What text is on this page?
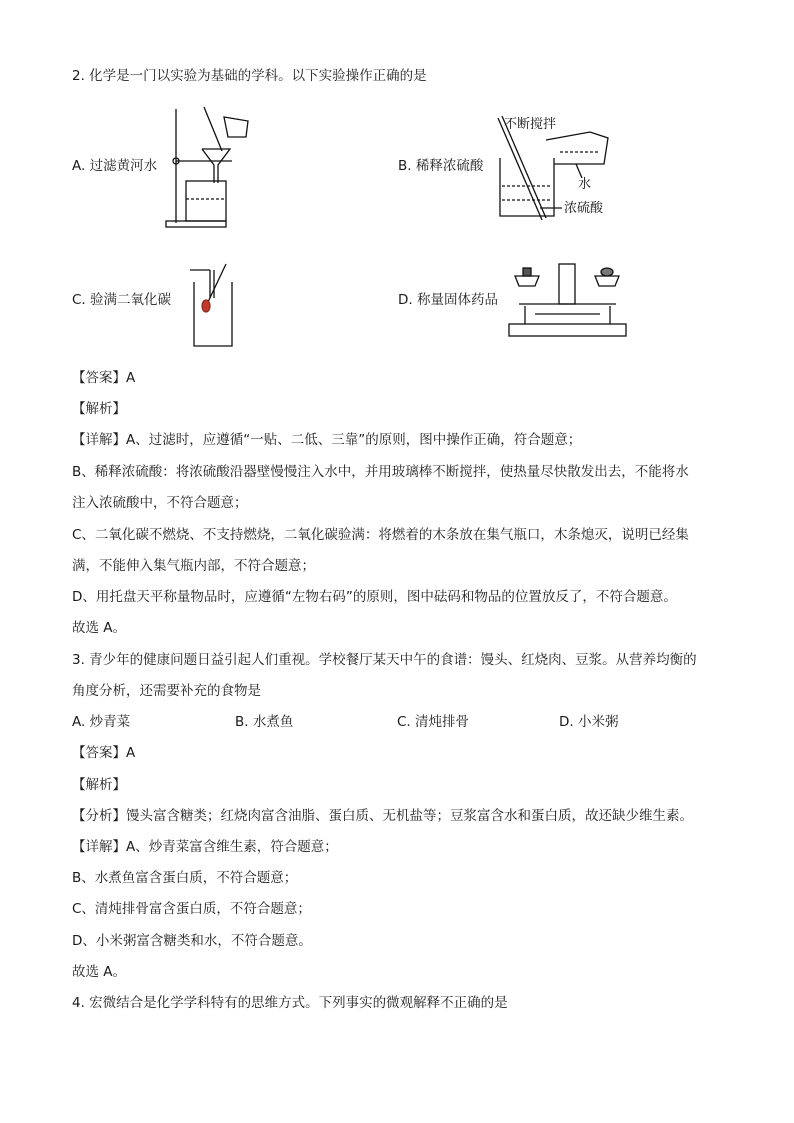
2. 化学是一门以实验为基础的学科。以下实验操作正确的是
A. 过滤黄河水
不断搅拌
水
浓硫酸
B. 稀释浓硫酸
C. 验满二氧化碳	D. 称量固体药品
【答案】A
【解析】
【详解】A、过滤时，应遵循“一贴、二低、三靠”的原则，图中操作正确，符合题意；
B、稀释浓硫酸：将浓硫酸沿器壁慢慢注入水中，并用玻璃棒不断搅拌，使热量尽快散发出去，不能将水
注入浓硫酸中，不符合题意；
C、二氧化碳不燃烧、不支持燃烧，二氧化碳验满：将燃着的木条放在集气瓶口，木条熄灭，说明已经集
满，不能伸入集气瓶内部，不符合题意；
D、用托盘天平称量物品时，应遵循“左物右码”的原则，图中砝码和物品的位置放反了，不符合题意。
故选 A。
3. 青少年的健康问题日益引起人们重视。学校餐厅某天中午的食谱：馒头、红烧肉、豆浆。从营养均衡的
角度分析，还需要补充的食物是
A. 炒青菜	B. 水煮鱼	C. 清炖排骨	D. 小米粥
【答案】A
【解析】
【分析】馒头富含糖类；红烧肉富含油脂、蛋白质、无机盐等；豆浆富含水和蛋白质，故还缺少维生素。
【详解】A、炒青菜富含维生素，符合题意；
B、水煮鱼富含蛋白质，不符合题意；
C、清炖排骨富含蛋白质，不符合题意；
D、小米粥富含糖类和水，不符合题意。
故选 A。
4. 宏微结合是化学学科特有的思维方式。下列事实的微观解释不正确的是
